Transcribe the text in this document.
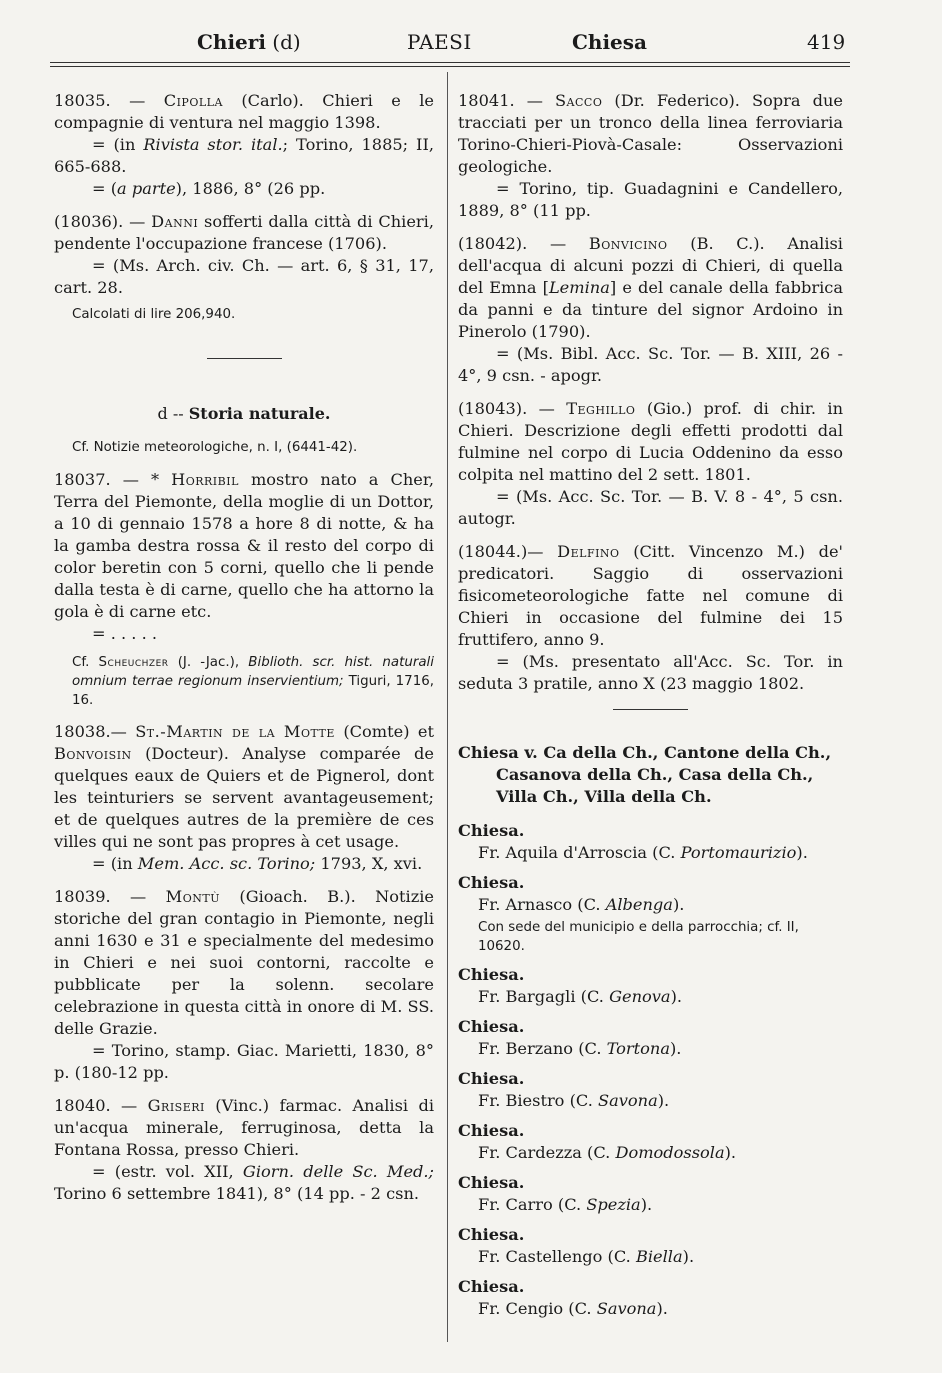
Chieri (d)	PAESI	Chiesa	419

18035. — Cipolla (Carlo). Chieri e le compagnie di ventura nel maggio 1398.

= (in Rivista stor. ital.; Torino, 1885; II, 665-688.

= (a parte), 1886, 8° (26 pp.

(18036). — Danni sofferti dalla città di Chieri, pendente l'occupazione francese (1706).

= (Ms. Arch. civ. Ch. — art. 6, § 31, 17, cart. 28.

Calcolati di lire 206,940.

d -- Storia naturale.

Cf. Notizie meteorologiche, n. I, (6441-42).

18037. — * Horribil mostro nato a Cher, Terra del Piemonte, della moglie di un Dottor, a 10 di gennaio 1578 a hore 8 di notte, & ha la gamba destra rossa & il resto del corpo di color beretin con 5 corni, quello che li pende dalla testa è di carne, quello che ha attorno la gola è di carne etc.

= . . . . .

Cf. Scheuchzer (J. -Jac.), Biblioth. scr. hist. naturali omnium terrae regionum inservientium; Tiguri, 1716, 16.

18038.— St.-Martin de la Motte (Comte) et Bonvoisin (Docteur). Analyse comparée de quelques eaux de Quiers et de Pignerol, dont les teinturiers se servent avantageusement; et de quelques autres de la première de ces villes qui ne sont pas propres à cet usage.

= (in Mem. Acc. sc. Torino; 1793, X, xvi.

18039. — Montù (Gioach. B.). Notizie storiche del gran contagio in Piemonte, negli anni 1630 e 31 e specialmente del medesimo in Chieri e nei suoi contorni, raccolte e pubblicate per la solenn. secolare celebrazione in questa città in onore di M. SS. delle Grazie.

= Torino, stamp. Giac. Marietti, 1830, 8° p. (180-12 pp.

18040. — Griseri (Vinc.) farmac. Analisi di un'acqua minerale, ferruginosa, detta la Fontana Rossa, presso Chieri.

= (estr. vol. XII, Giorn. delle Sc. Med.; Torino 6 settembre 1841), 8° (14 pp. - 2 csn.

18041. — Sacco (Dr. Federico). Sopra due tracciati per un tronco della linea ferroviaria Torino-Chieri-Piovà-Casale: Osservazioni geologiche.

= Torino, tip. Guadagnini e Candellero, 1889, 8° (11 pp.

(18042). — Bonvicino (B. C.). Analisi dell'acqua di alcuni pozzi di Chieri, di quella del Emna [Lemina] e del canale della fabbrica da panni e da tinture del signor Ardoino in Pinerolo (1790).

= (Ms. Bibl. Acc. Sc. Tor. — B. XIII, 26 - 4°, 9 csn. - apogr.

(18043). — Teghillo (Gio.) prof. di chir. in Chieri. Descrizione degli effetti prodotti dal fulmine nel corpo di Lucia Oddenino da esso colpita nel mattino del 2 sett. 1801.

= (Ms. Acc. Sc. Tor. — B. V. 8 - 4°, 5 csn. autogr.

(18044.)— Delfino (Citt. Vincenzo M.) de' predicatori. Saggio di osservazioni fisicometeorologiche fatte nel comune di Chieri in occasione del fulmine dei 15 fruttifero, anno 9.

= (Ms. presentato all'Acc. Sc. Tor. in seduta 3 pratile, anno X (23 maggio 1802.

Chiesa v. Ca della Ch., Cantone della Ch.,
Casanova della Ch., Casa della Ch.,
Villa Ch., Villa della Ch.
Chiesa.
Fr. Aquila d'Arroscia (C. Portomaurizio).
Chiesa.
Fr. Arnasco (C. Albenga).
Con sede del municipio e della parrocchia; cf. II, 10620.
Chiesa.
Fr. Bargagli (C. Genova).
Chiesa.
Fr. Berzano (C. Tortona).
Chiesa.
Fr. Biestro (C. Savona).
Chiesa.
Fr. Cardezza (C. Domodossola).
Chiesa.
Fr. Carro (C. Spezia).
Chiesa.
Fr. Castellengo (C. Biella).
Chiesa.
Fr. Cengio (C. Savona).
